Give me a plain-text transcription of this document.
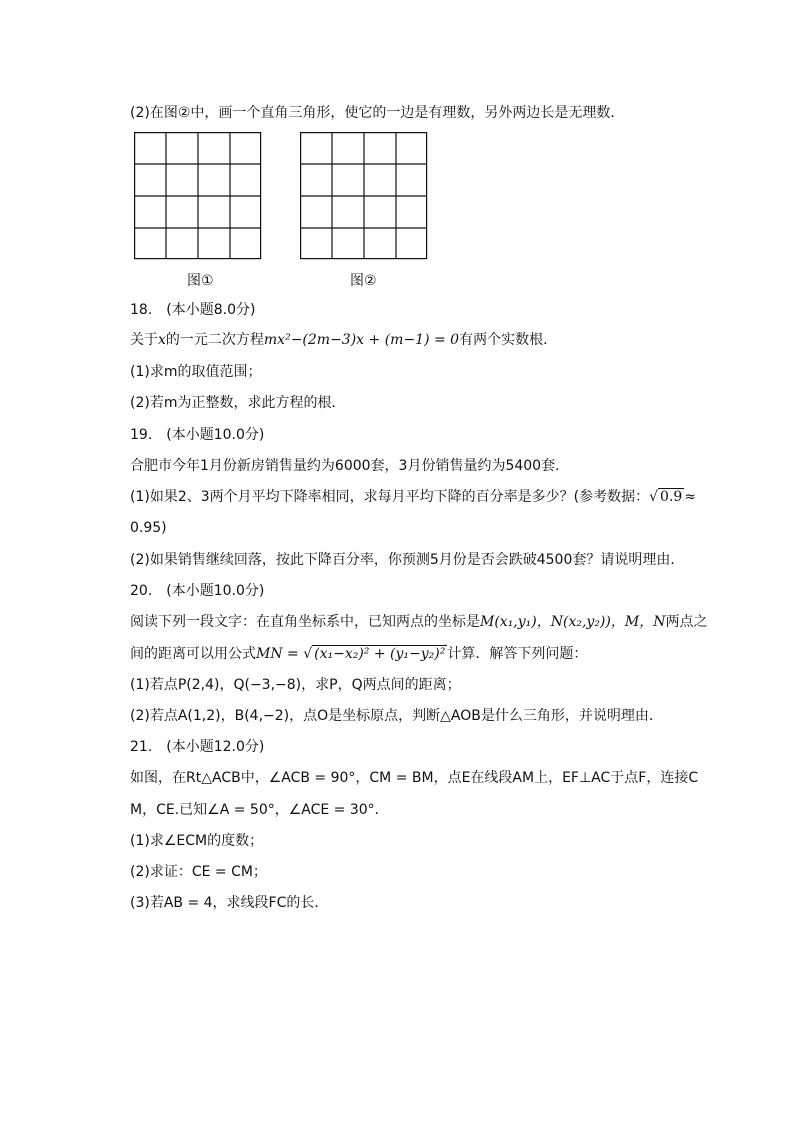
(2)在图②中，画一个直角三角形，使它的一边是有理数，另外两边长是无理数．
图①	图②
18.　(本小题8.0分)
关于x的一元二次方程mx²−(2m−3)x + (m−1) = 0有两个实数根．
(1)求m的取值范围；
(2)若m为正整数，求此方程的根．
19.　(本小题10.0分)
合肥市今年1月份新房销售量约为6000套，3月份销售量约为5400套．
(1)如果2、3两个月平均下降率相同，求每月平均下降的百分率是多少？(参考数据：√ 0.9 ≈
0.95)
(2)如果销售继续回落，按此下降百分率，你预测5月份是否会跌破4500套？请说明理由．
20.　(本小题10.0分)
阅读下列一段文字：在直角坐标系中，已知两点的坐标是M(x₁,y₁)，N(x₂,y₂))，M，N两点之
间的距离可以用公式MN = √ (x₁−x₂)² + (y₁−y₂)² 计算．解答下列问题：
(1)若点P(2,4)，Q(−3,−8)，求P，Q两点间的距离；
(2)若点A(1,2)，B(4,−2)，点O是坐标原点，判断△AOB是什么三角形，并说明理由．
21.　(本小题12.0分)
如图，在Rt△ACB中，∠ACB = 90°，CM = BM，点E在线段AM上，EF⊥AC于点F，连接C
M，CE.已知∠A = 50°，∠ACE = 30°．
(1)求∠ECM的度数；
(2)求证：CE = CM；
(3)若AB = 4，求线段FC的长．
